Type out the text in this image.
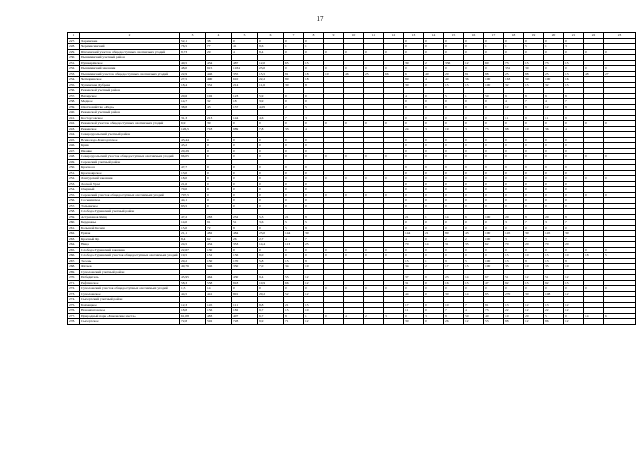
17
1	2	3	4	5	6	7	8	9	10	11	12	13	14	15	16	17	18	19	20	21	22	23
227.	Харинские	52,1	38	0	0	0	0					0	0	0	0	0	0	0	0	0		
228.	Черемисинский	76,5	77	41	8,6	1	1					0	0	0	0	1	1	5	1	3		
229.	Шахинский участок общедоступных охотничьих угодий	8,73	29	4	8,4	0	0	0	0	0	0	0	0	0	0	0	0	0	0	0	0	0
230.	Пышминский учетный район																					
231.	Пушкарёвское	40,5	434	487	12,0	65	15					39	2	336	12	60	73	15	73	15		
232.	Пышминский заказник	48,0	915	1184	23,0	0	0	0	0	0	0	0	0	0	0	0	331	30	0	0	0	0
233.	Пышминский участок общедоступных охотничьих угодий	22,9	446	355	15,5	81	18	10	46	25	66	6	40	20	81	88	25	88	25	13	48	27
234.	Четкаринское	27,5	490	610	22,2	80	18					80	4	40	36	100	163	30	100	16		
235.	Чупинская Дубрава	18,4	352	214	11,6	30	8					30	0	15	15	100	32	15	32	15		
236.	Режевской учетный район																					
237.	Вяхирское	20,6	102	123	5,9	0	0					4	0	5	1	50	9	8	9	8		
238.	Медное	14,7	32	18	3,9	0	0					0	0	0	0	0	4	7	4	7		
239.	Охотхозяйство «Реда»	38,8	43	157	4,05	2	5					0	0	0	0	0	12	8	12	8		
240.	Режевской учетный район																					
241.	Костоусовское	31,3	213	144	4,6	7	3					0	0	0	0	0	11	8	11	8		
242.	Режевской участок общедоступных охотничьих угодий	6,9	39	0	0	0	0	0	0	0	0	0	0	0	0	0	0	0	0	0	0	0
243.	Режевское	126,5	718	989	7,8	33	4					24	3	19	3	73	98	10	36	4		
244.	Североуральский учетный район																					
245.	Всеволодо-Благодатское	43,44	0	0	0	0	0					0	0	0	0	0	0	0	0	0		
246.	Крив	45,2	0	0	0	0	0					0	0	0	0	0	0	0	0	0		
247.	Ивание	20,29	0	0	0	0	0					0	0	0	0	0	0	0	0	0		
248.	Североуральский участок общедоступных охотничьих угодий	96,05	0	0	0	0	0	0	0	0	0	0	0	0	0	0	0	0	0	0	0	0
249.	Серовский учетный район																					
250.	Красносе	47,7	0	0	0	0	0					0	0	0	0	0	0	0	0	0		
251.	Красноярское	13,0	0	0	0	0	0					0	0	0	0	0	0	0	0	0		
252.	Лангурский заказник	18,0	0	0	0	0	0	0	0	0	0	0	0	0	0	0	0	0	0	0	0	0
253.	Лесной Урал	21,6	0	0	0	0	0					0	0	0	0	0	0	0	0	0		
254.	Озерный	70,0	0	0	0	0	0					0	0	0	0	0	0	0	0	0		
255.	Серовский участок общедоступных охотничьих угодий	797,5	0	0	0	0	0	0	0	0	0	0	0	0	0	0	0	0	0	0	0	0
256.	Сосьвинское	44,1	0	0	0	0	0					0	0	0	0	0	0	0	0	0		
257.	Тальянское	93,5	0	0	0	0	0					0	0	0	0	0	0	0	0	0		
258.	Слобода-Туринский учетный район																					
259.	Астраханов Ямщ	47,2	283	252	5,3	21	8					21	1	14	6	100	20	8	20	8		
260.	Бердюжье	14,0	91	51	3,6	5	5					0	0	0	0	0	3	7	3	7		
261.	Большой Кочин	15,0	72	8	0	5	8					0	0	0	0	0	0	0	0	0		
262.	Ермак	21,1	482	484	23,0	144	30					144	21	80	43	100	145	30	145	30		
263.	Красный Яр	8,4	62	26	2,7	4	7					4	0	2	2	100	3	7	3	7		
264.	Ница	24,5	434	353	14,4	113	25					70	14	31	35	62	70	20	70	20		
265.	Слобода-Туринский заказник	22,67	130	0	0	0	0	0	0	0	0	0	0	0	0	0	0	0	0	0	0	0
266.	Слобода-Туринский участок общедоступных охотничьих угодий	19,5	152	156	8,0	0	0	0	0	0	0	0	0	0	0	0	15	10	15	10	18	5
267.	Тесень	29,2	150	170	5,8	15	8					15	1	9	5	100	13	8	13	8		
268.	Фатеев	49,76	346	350	7,0	34	10					34	2	17	15	100	35	10	35	10		
269.	Сухоложский учетный район																					
270.	Победитель	45,95	464	430	9,4	55	12					37	0	23	14	67	51	12	51	12		
271.	Рефтинское	58,3	558	818	10,9	66	12					31	0	16	15	47	92	15	92	15		
272.	Сухоложский участок общедоступных охотничьих угодий	1,5	14	0	0	0	0	0	0	0	0	0	0	0	0	0	0	0	0	0	0	0
273.	Сухоложское	44,5	441	801	20,2	52	12					44	0	30	14	85	270	30	108	12		
274.	Сысертский учетный район																					
275.	Бахмацкое	12,3	145	111	8,8	21	15					17	0	10	7	81	13	12	13	12		
276.	Новоипатовское	18,8	156	182	9,7	15	10					11	0	7	4	73	22	12	22	12		
277.	Природный парк «Бажовские места»	61,08	483	407	6,7	8	1	0	4	2	3	0	3	8	50	40	10	20	5	0	14	6
278.	Сысертское	72,8	592	728	9,9	71	12					30	0	26	12	53	88	12	86	12		
